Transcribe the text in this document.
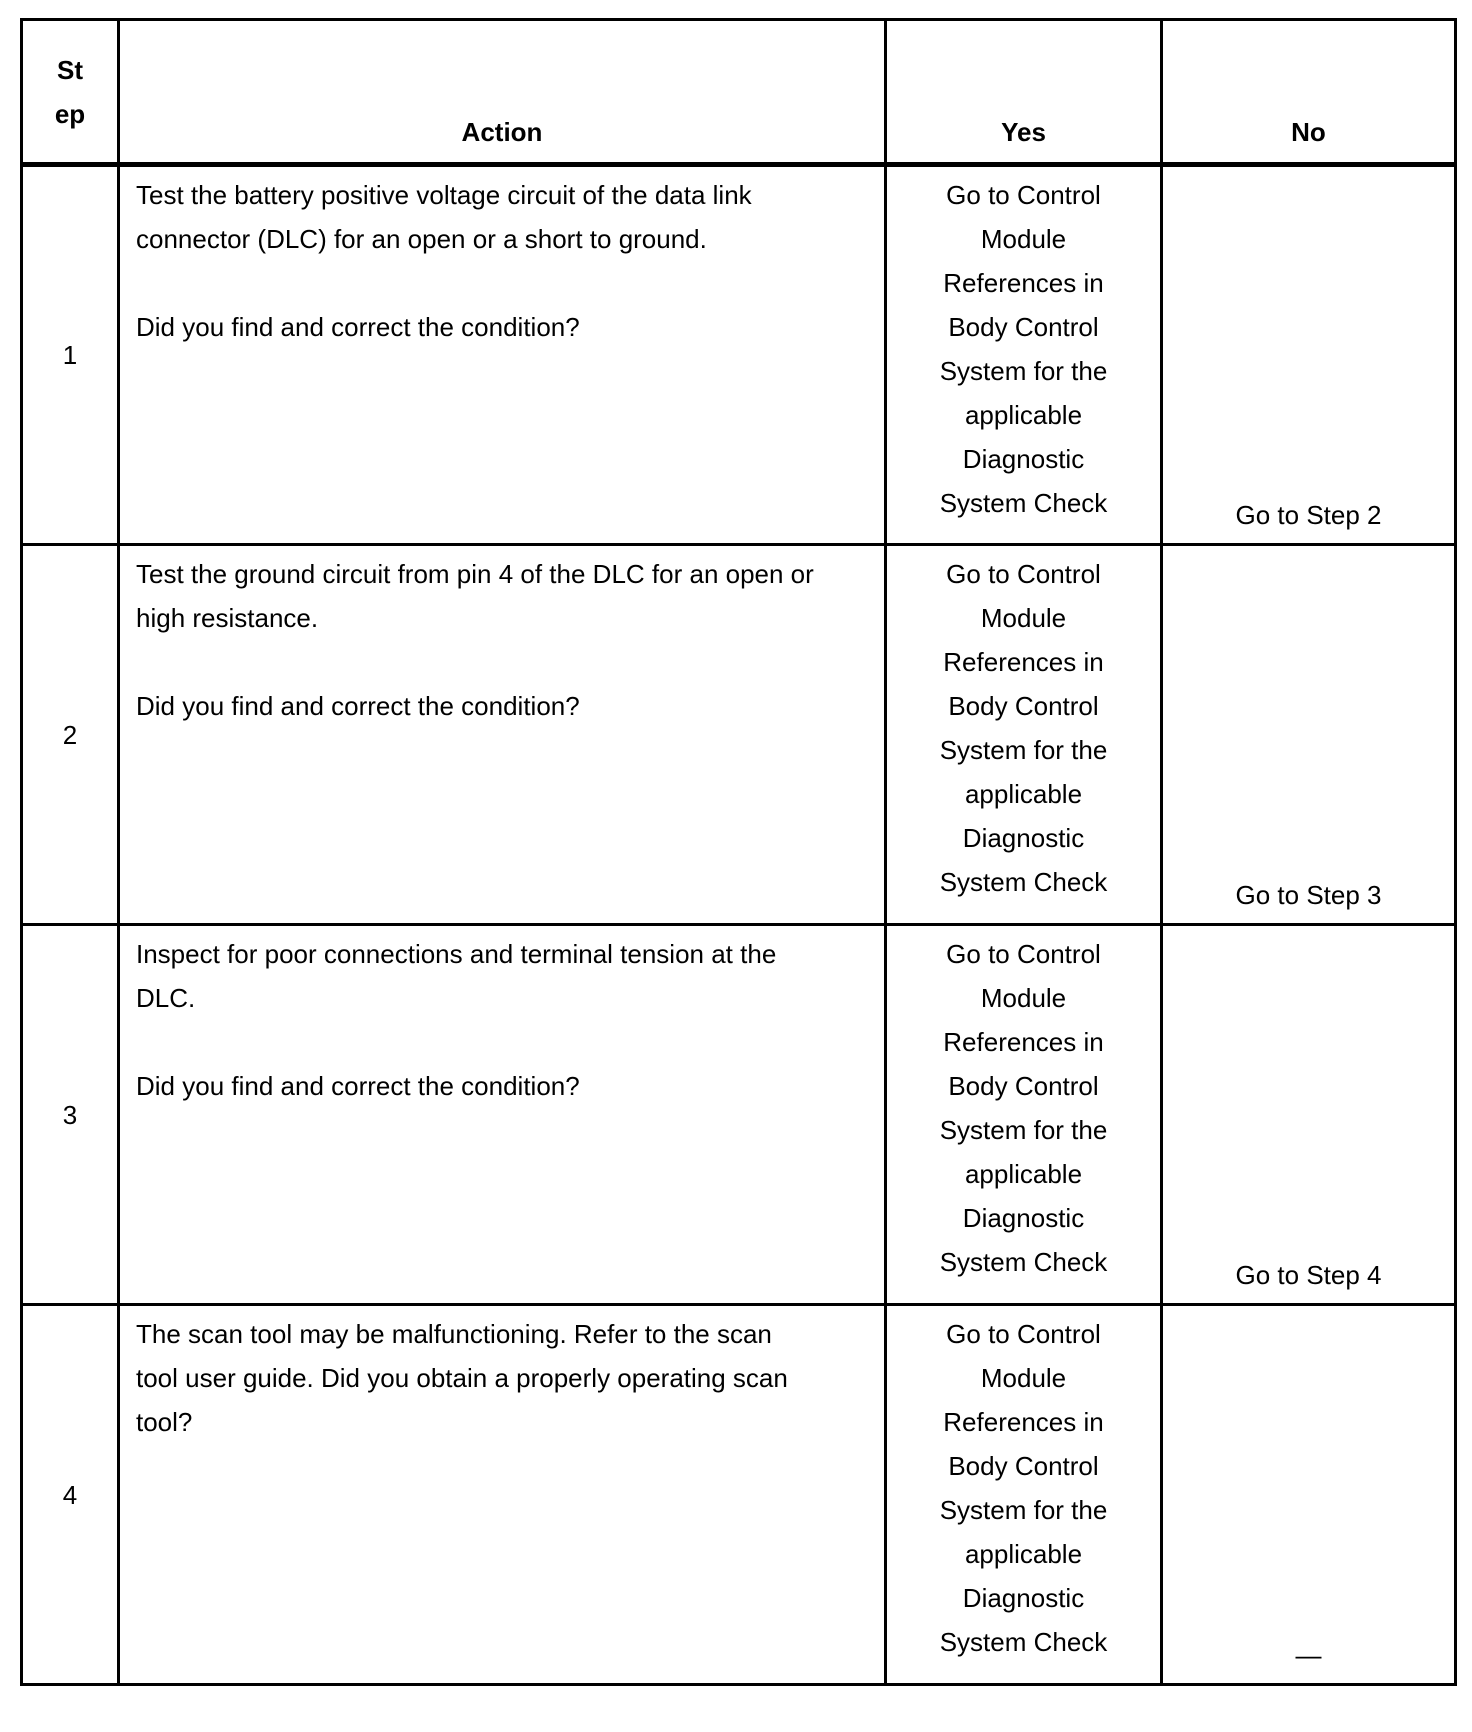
St ep	Action	Yes	No
1	Test the battery positive voltage circuit of the data link connector (DLC) for an open or a short to ground.

Did you find and correct the condition?	Go to Control Module References in Body Control System for the applicable Diagnostic System Check	Go to Step 2
2	Test the ground circuit from pin 4 of the DLC for an open or high resistance.

Did you find and correct the condition?	Go to Control Module References in Body Control System for the applicable Diagnostic System Check	Go to Step 3
3	Inspect for poor connections and terminal tension at the DLC.

Did you find and correct the condition?	Go to Control Module References in Body Control System for the applicable Diagnostic System Check	Go to Step 4
4	The scan tool may be malfunctioning. Refer to the scan tool user guide. Did you obtain a properly operating scan tool?	Go to Control Module References in Body Control System for the applicable Diagnostic System Check	—
